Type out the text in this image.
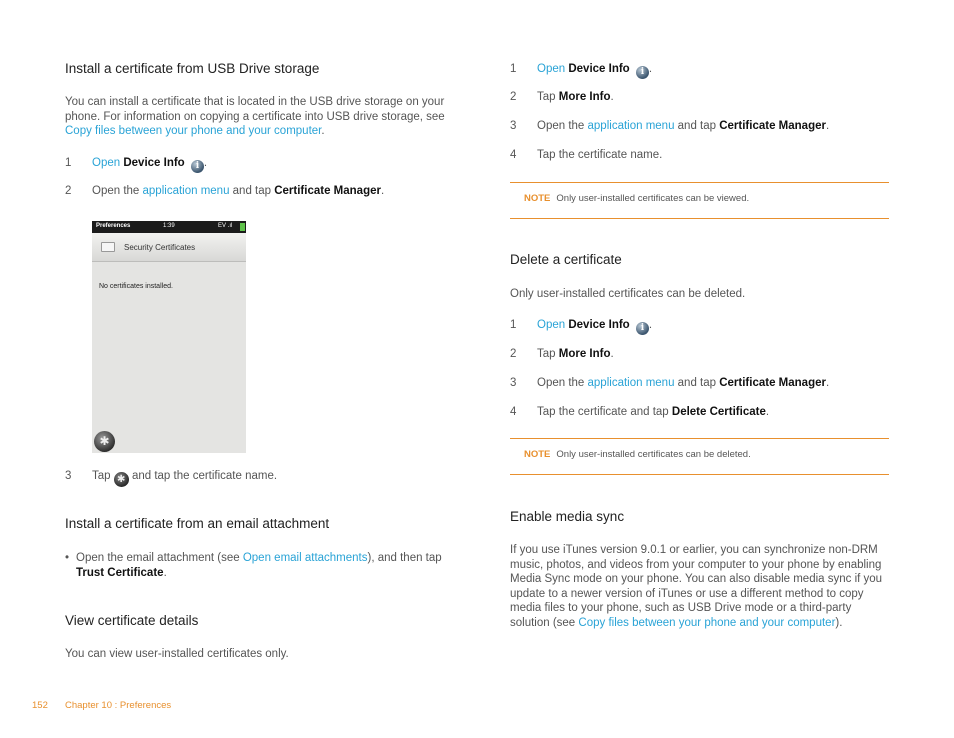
Install a certificate from USB Drive storage

You can install a certificate that is located in the USB drive storage on your phone. For information on copying a certificate into USB drive storage, see Copy files between your phone and your computer.

1 Open Device Info i .
2 Open the application menu and tap Certificate Manager.
Preferences	1:39	EV .ıl
Security Certificates
No certificates installed.
✱
3 Tap ✱ and tap the certificate name.
Install a certificate from an email attachment
• Open the email attachment (see Open email attachments), and then tap
Trust Certificate.
View certificate details

You can view user-installed certificates only.

1 Open Device Info i .
2 Tap More Info.
3 Open the application menu and tap Certificate Manager.
4 Tap the certificate name.
NOTE Only user-installed certificates can be viewed.
Delete a certificate

Only user-installed certificates can be deleted.

1 Open Device Info i .
2 Tap More Info.
3 Open the application menu and tap Certificate Manager.
4 Tap the certificate and tap Delete Certificate.
NOTE Only user-installed certificates can be deleted.
Enable media sync

If you use iTunes version 9.0.1 or earlier, you can synchronize non-DRM music, photos, and videos from your computer to your phone by enabling Media Sync mode on your phone. You can also disable media sync if you update to a newer version of iTunes or use a different method to copy media files to your phone, such as USB Drive mode or a third-party solution (see Copy files between your phone and your computer).

152 Chapter 10 : Preferences
